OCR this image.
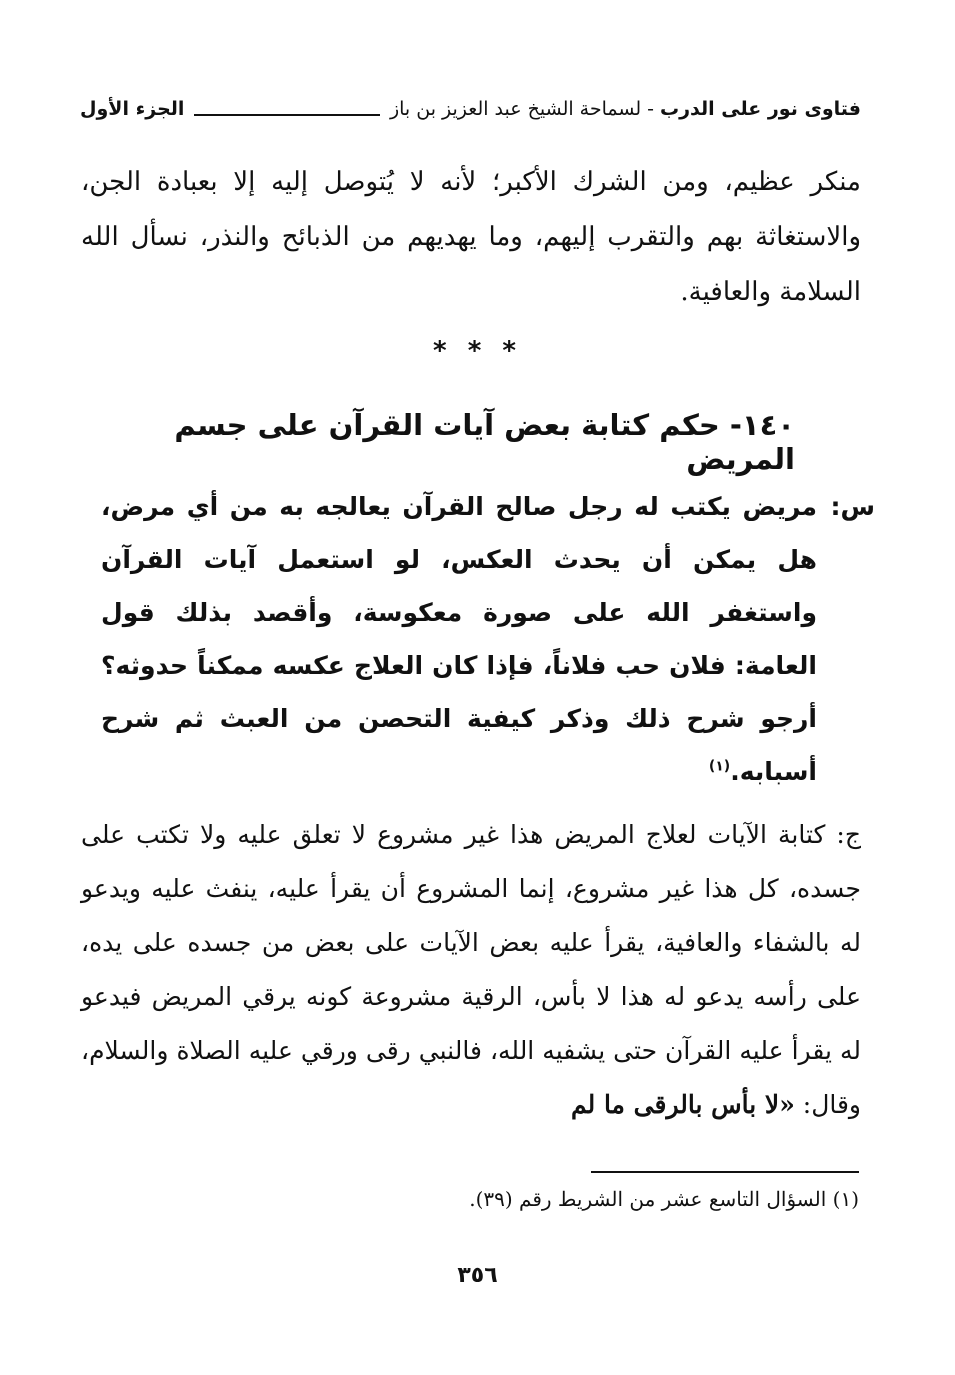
فتاوى نور على الدرب
-
لسماحة الشيخ عبد العزيز بن باز
الجزء الأول

منكر عظيم، ومن الشرك الأكبر؛ لأنه لا يُتوصل إليه إلا بعبادة الجن، والاستغاثة بهم والتقرب إليهم، وما يهديهم من الذبائح والنذر، نسأل الله السلامة والعافية.

* * *
١٤٠- حكم كتابة بعض آيات القرآن على جسم المريض
س:
مريض يكتب له رجل صالح القرآن يعالجه به من أي مرض، هل يمكن أن يحدث العكس، لو استعمل آيات القرآن واستغفر الله على صورة معكوسة، وأقصد بذلك قول العامة: فلان حب فلاناً، فإذا كان العلاج عكسه ممكناً حدوثه؟ أرجو شرح ذلك وذكر كيفية التحصن من العبث ثم شرح أسبابه.$^{(١)}$

ج: كتابة الآيات لعلاج المريض هذا غير مشروع لا تعلق عليه ولا تكتب على جسده، كل هذا غير مشروع، إنما المشروع أن يقرأ عليه، ينفث عليه ويدعو له بالشفاء والعافية، يقرأ عليه بعض الآيات على بعض من جسده على يده، على رأسه يدعو له هذا لا بأس، الرقية مشروعة كونه يرقي المريض فيدعو له يقرأ عليه القرآن حتى يشفيه الله، فالنبي رقى ورقي عليه الصلاة والسلام، وقال: «لا بأس بالرقى ما لم

(١) السؤال التاسع عشر من الشريط رقم (٣٩).
٣٥٦
